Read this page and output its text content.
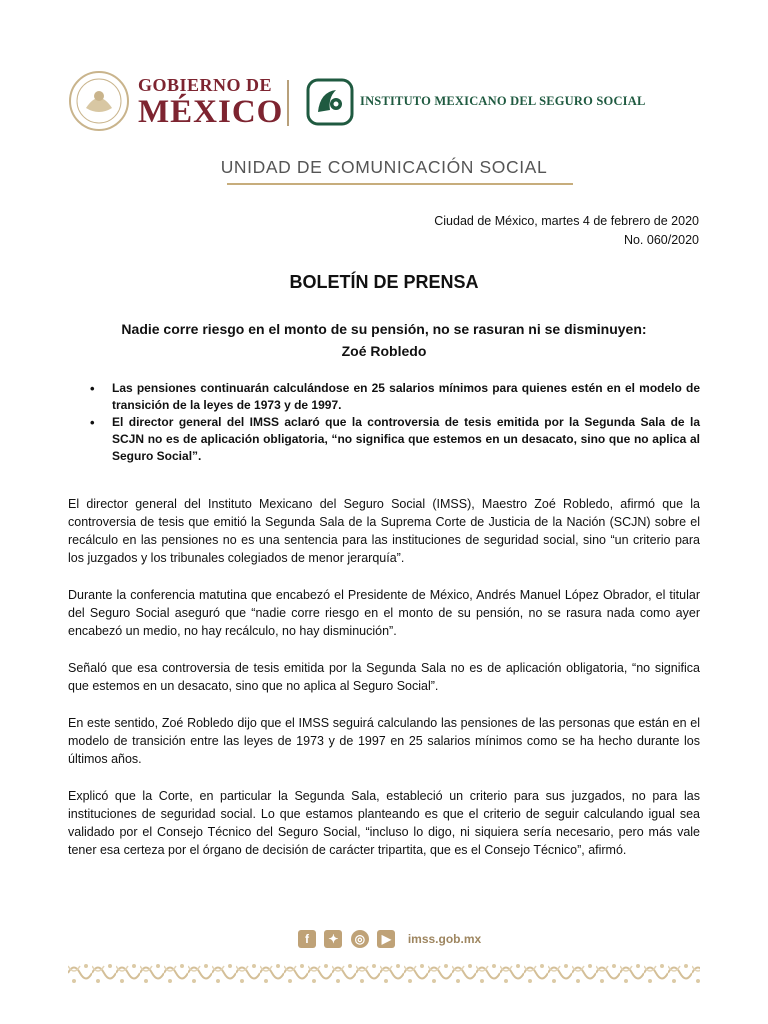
GOBIERNO DE
MÉXICO	INSTITUTO MEXICANO DEL SEGURO SOCIAL
UNIDAD DE COMUNICACIÓN SOCIAL
Ciudad de México, martes 4 de febrero de 2020
No. 060/2020
BOLETÍN DE PRENSA
Nadie corre riesgo en el monto de su pensión, no se rasuran ni se disminuyen: Zoé Robledo
• Las pensiones continuarán calculándose en 25 salarios mínimos para quienes estén en el modelo de transición de la leyes de 1973 y de 1997.
• El director general del IMSS aclaró que la controversia de tesis emitida por la Segunda Sala de la SCJN no es de aplicación obligatoria, “no significa que estemos en un desacato, sino que no aplica al Seguro Social”.

El director general del Instituto Mexicano del Seguro Social (IMSS), Maestro Zoé Robledo, afirmó que la controversia de tesis que emitió la Segunda Sala de la Suprema Corte de Justicia de la Nación (SCJN) sobre el recálculo en las pensiones no es una sentencia para las instituciones de seguridad social, sino “un criterio para los juzgados y los tribunales colegiados de menor jerarquía”.

Durante la conferencia matutina que encabezó el Presidente de México, Andrés Manuel López Obrador, el titular del Seguro Social aseguró que “nadie corre riesgo en el monto de su pensión, no se rasura nada como ayer encabezó un medio, no hay recálculo, no hay disminución”.

Señaló que esa controversia de tesis emitida por la Segunda Sala no es de aplicación obligatoria, “no significa que estemos en un desacato, sino que no aplica al Seguro Social”.

En este sentido, Zoé Robledo dijo que el IMSS seguirá calculando las pensiones de las personas que están en el modelo de transición entre las leyes de 1973 y de 1997 en 25 salarios mínimos como se ha hecho durante los últimos años.

Explicó que la Corte, en particular la Segunda Sala, estableció un criterio para sus juzgados, no para las instituciones de seguridad social. Lo que estamos planteando es que el criterio de seguir calculando igual sea validado por el Consejo Técnico del Seguro Social, “incluso lo digo, ni siquiera sería necesario, pero más vale tener esa certeza por el órgano de decisión de carácter tripartita, que es el Consejo Técnico”, afirmó.

f ✦ ◎ ▶ imss.gob.mx
